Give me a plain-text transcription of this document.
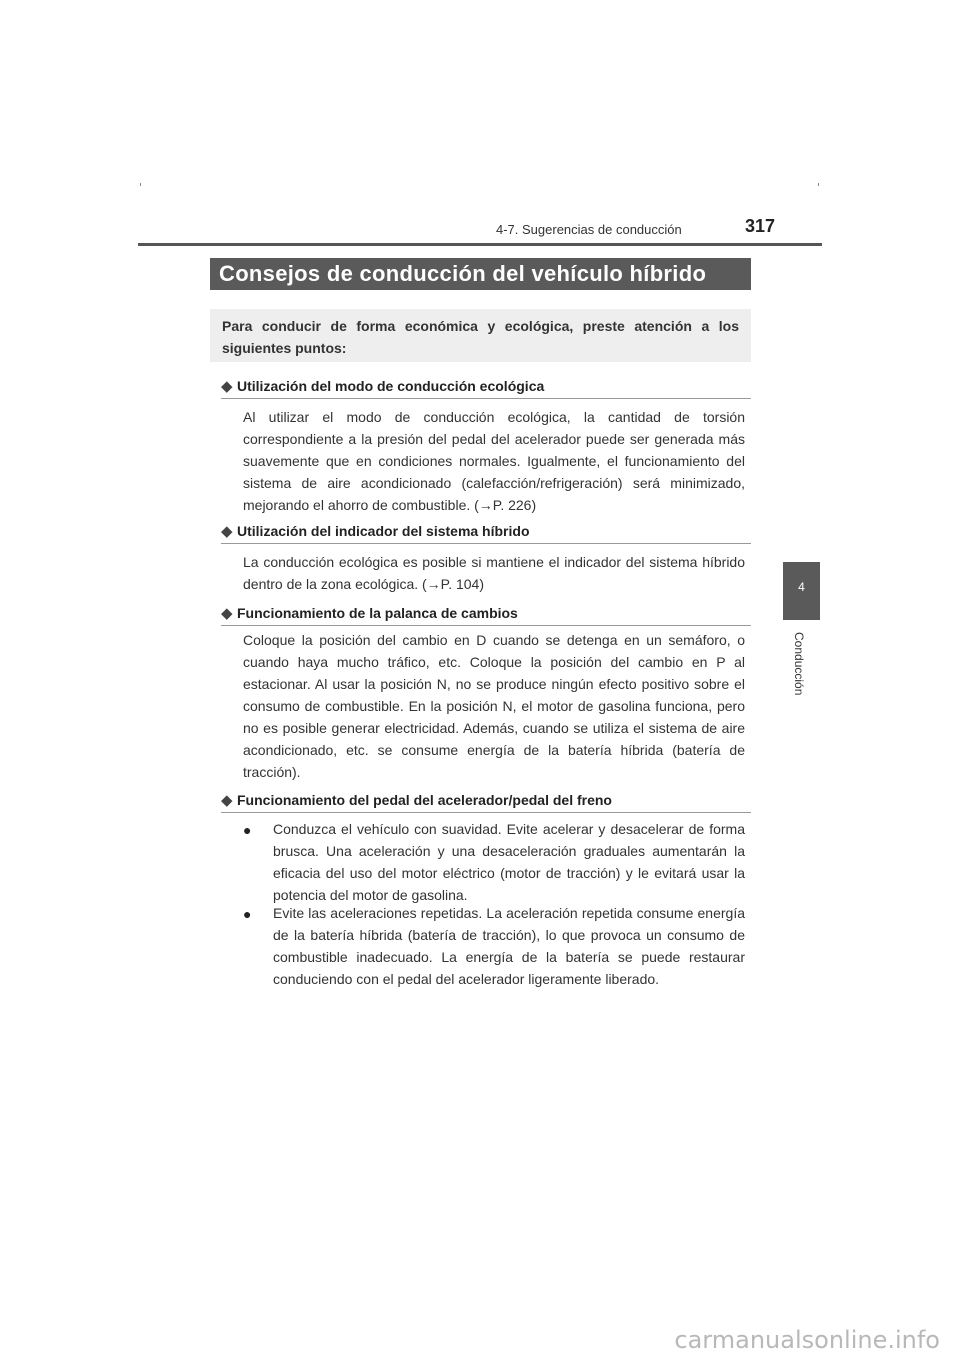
4-7. Sugerencias de conducción	317
4
Conducción
Consejos de conducción del vehículo híbrido
Para conducir de forma económica y ecológica, preste atención a los siguientes puntos:
◆ Utilización del modo de conducción ecológica

Al utilizar el modo de conducción ecológica, la cantidad de torsión correspondiente a la presión del pedal del acelerador puede ser generada más suavemente que en condiciones normales. Igualmente, el funcionamiento del sistema de aire acondicionado (calefacción/refrigeración) será minimizado, mejorando el ahorro de combustible. (→P. 226)

◆ Utilización del indicador del sistema híbrido

La conducción ecológica es posible si mantiene el indicador del sistema híbrido dentro de la zona ecológica. (→P. 104)

◆ Funcionamiento de la palanca de cambios

Coloque la posición del cambio en D cuando se detenga en un semáforo, o cuando haya mucho tráfico, etc. Coloque la posición del cambio en P al estacionar. Al usar la posición N, no se produce ningún efecto positivo sobre el consumo de combustible. En la posición N, el motor de gasolina funciona, pero no es posible generar electricidad. Además, cuando se utiliza el sistema de aire acondicionado, etc. se consume energía de la batería híbrida (batería de tracción).

◆ Funcionamiento del pedal del acelerador/pedal del freno
● Conduzca el vehículo con suavidad. Evite acelerar y desacelerar de forma brusca. Una aceleración y una desaceleración graduales aumentarán la eficacia del uso del motor eléctrico (motor de tracción) y le evitará usar la potencia del motor de gasolina.
● Evite las aceleraciones repetidas. La aceleración repetida consume energía de la batería híbrida (batería de tracción), lo que provoca un consumo de combustible inadecuado. La energía de la batería se puede restaurar conduciendo con el pedal del acelerador ligeramente liberado.
carmanualsonline.info
